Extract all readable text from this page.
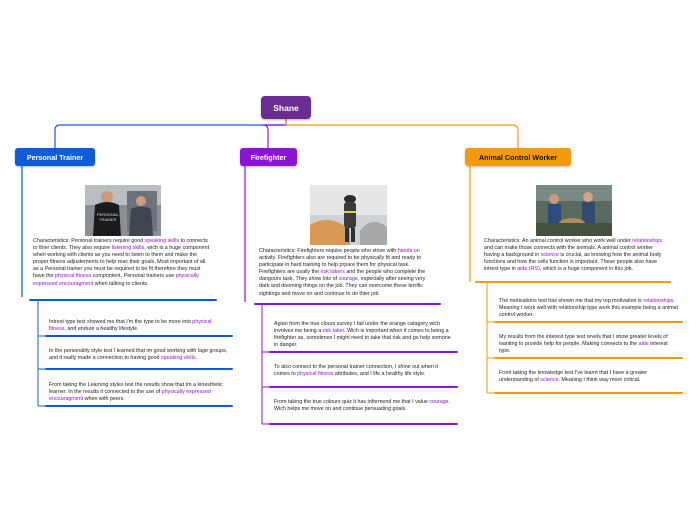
Shane
Personal Trainer	Firefighter	Animal Control Worker
PERSONAL
TRAINER
Characteristics: Personal trainers require good speaking skills to connects to thier clients. They also require listening skills, wich is a huge component when working with clients as you need to listen to them and make the proper fitness adjustements to help reac their goals. Most important of all as a Personal trainer you must be required to be fit therefore they must have the physical fitness compontent. Personal trainers use physically expressed encouragment when talking to clients.
Characteristics: Firefighters require people who strive with hands on activity. Firefighters also are required to be physically fit and ready to participate in hard training to help prpare them for physical task. Firefighters are usally the risk takers and the people who complete the dangours task. They show lots of courage, especially after seeing very dark and dooming things on the job. They can overcome these terrific sightings and move on and continue to do thier job.
Characteristics: An animal control worker who work well under relationships and can make those connects with the animals. A animal control worker having a background in science is crucial, as knowing how the animal body functions and how the cells function is important. These people also have intrest type in aide (RS), which is a huge component in this job.
Intrest type test showed me that I'm the type to be more into physical fitness, and endure a healthy lifestyle.
In the personality style test I learned that im good working with lage groups, and it really made a connection to having good speaking skills.
From taking the Learning styles test the results show that Im a kinesthetic learner. In the results it connected to the use of physically expressed encouragment when with peers.
Agian from the true clours survey I fall under the orange catagory wich involves me being a risk taker. Wich is important when it comes to being a firefighter as, sometimes I might need to take that risk and go help somone in danger.
To also connect to the personal trainer connection, I shine out when it comes to physical fitness attributes, and I life a healthy life style.
From taking the true colours quiz it has informend me that I value courage. Wich helps me move on and continue persuading goals.
The motivations test has shown me that my top motivation is relationships. Meaning I work well with relationship type work this example being a animal control worker.
My results from the interest type test revels that I show greater levels of wanting to provide help for people. Making connects to the aide interest type.
From taking the knowledge test I've learnt that I have a greater understanding of science. Meaning I think way more critical.
